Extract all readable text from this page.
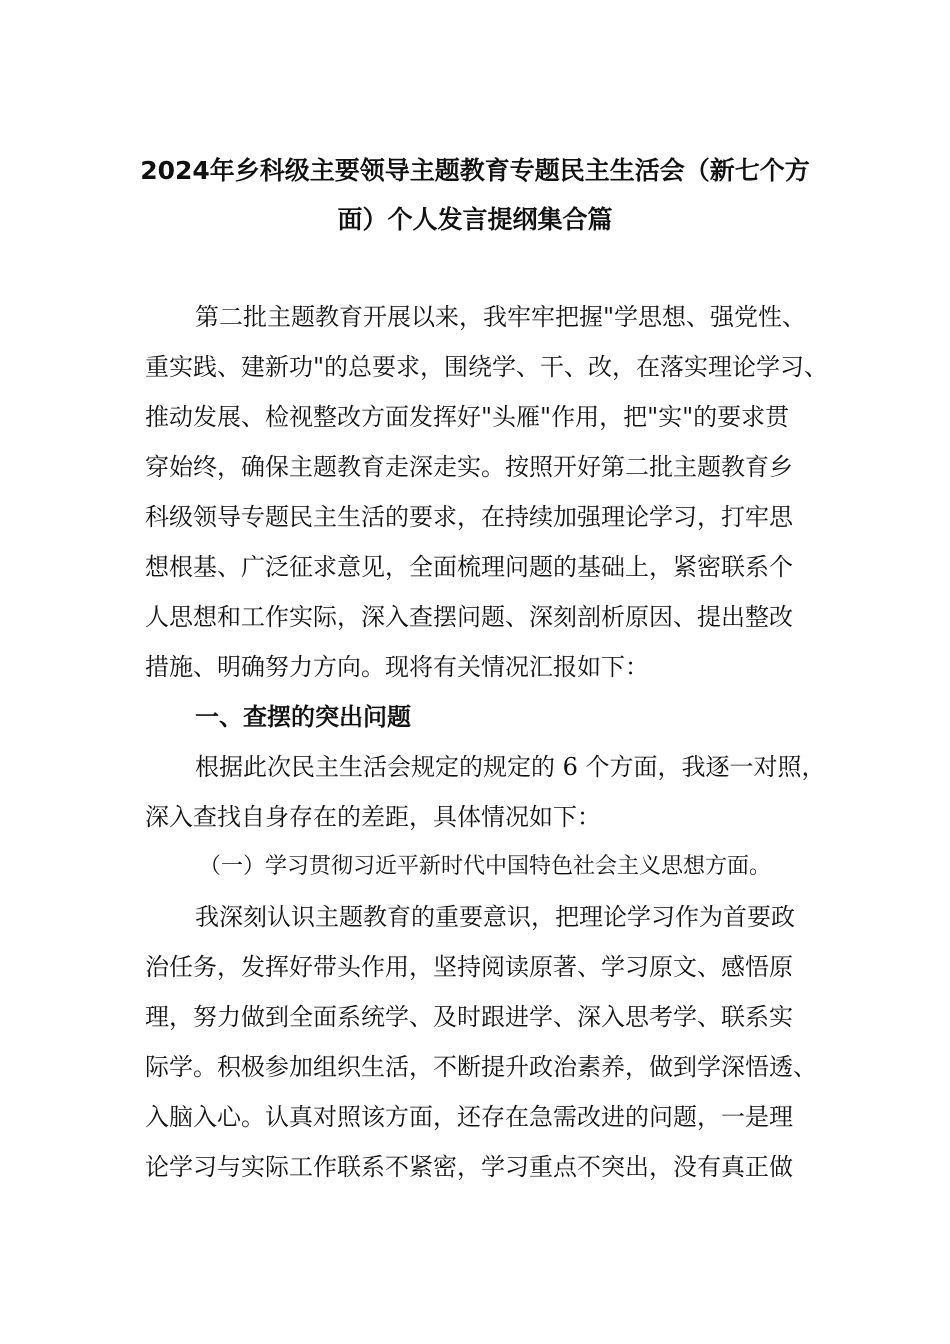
2024年乡科级主要领导主题教育专题民主生活会（新七个方
面）个人发言提纲集合篇
第二批主题教育开展以来，我牢牢把握"学思想、强党性、
重实践、建新功"的总要求，围绕学、干、改，在落实理论学习、
推动发展、检视整改方面发挥好"头雁"作用，把"实"的要求贯
穿始终，确保主题教育走深走实。按照开好第二批主题教育乡
科级领导专题民主生活的要求，在持续加强理论学习，打牢思
想根基、广泛征求意见，全面梳理问题的基础上，紧密联系个
人思想和工作实际，深入查摆问题、深刻剖析原因、提出整改
措施、明确努力方向。现将有关情况汇报如下：
一、查摆的突出问题
根据此次民主生活会规定的规定的 6 个方面，我逐一对照，
深入查找自身存在的差距，具体情况如下：
（一）学习贯彻习近平新时代中国特色社会主义思想方面。
我深刻认识主题教育的重要意识，把理论学习作为首要政
治任务，发挥好带头作用，坚持阅读原著、学习原文、感悟原
理，努力做到全面系统学、及时跟进学、深入思考学、联系实
际学。积极参加组织生活，不断提升政治素养，做到学深悟透、
入脑入心。认真对照该方面，还存在急需改进的问题，一是理
论学习与实际工作联系不紧密，学习重点不突出，没有真正做
